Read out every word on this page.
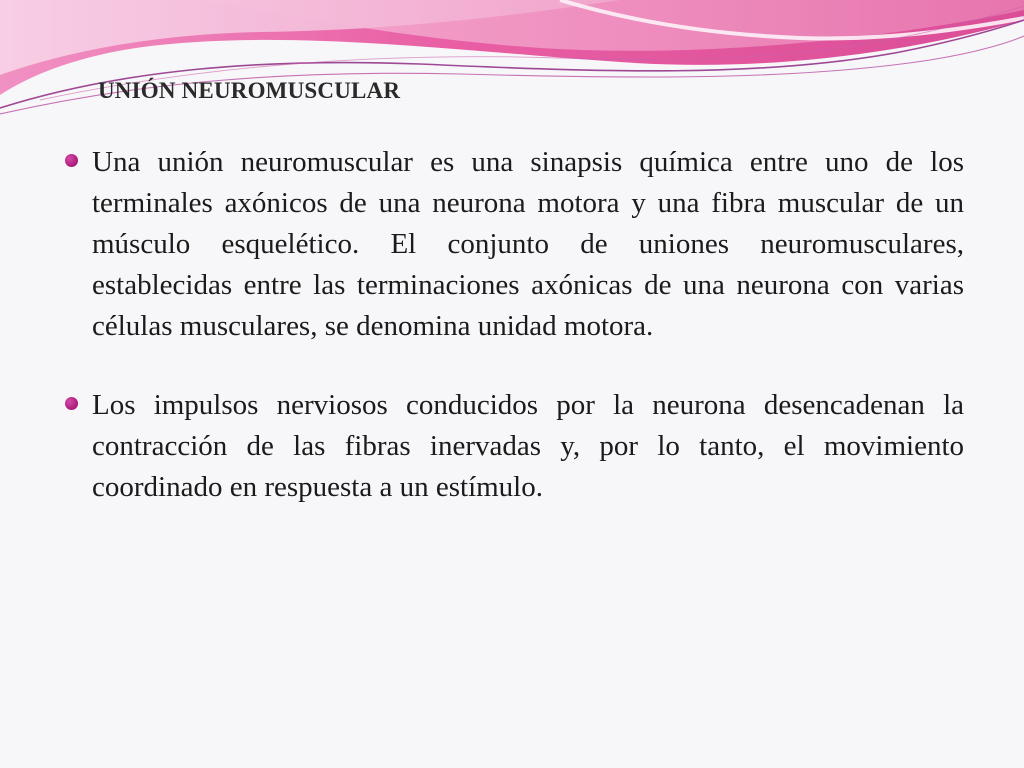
UNIÓN NEUROMUSCULAR
Una unión neuromuscular es una sinapsis química entre uno de los terminales axónicos de una neurona motora y una fibra muscular de un músculo esquelético. El conjunto de uniones neuromusculares, establecidas entre las terminaciones axónicas de una neurona con varias células musculares, se denomina unidad motora.
Los impulsos nerviosos conducidos por la neurona desencadenan la contracción de las fibras inervadas y, por lo tanto, el movimiento coordinado en respuesta a un estímulo.
